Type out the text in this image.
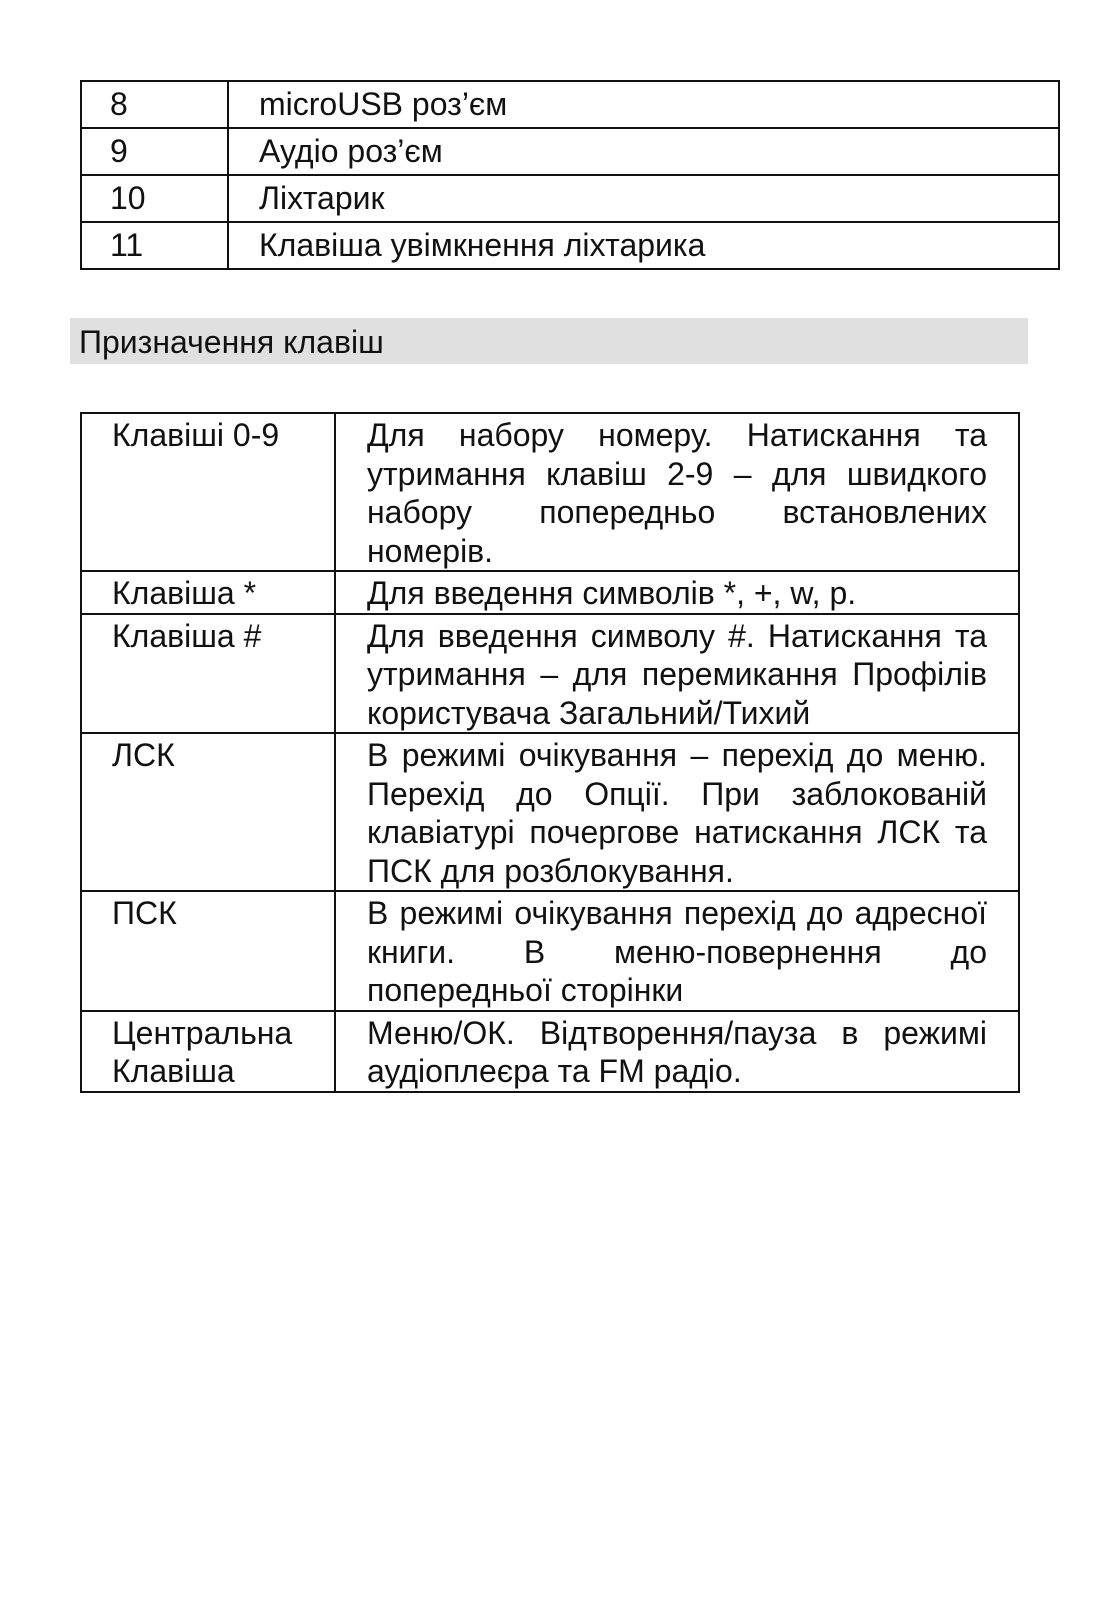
8	microUSB роз’єм
9	Аудіо роз’єм
10	Ліхтарик
11	Клавіша увімкнення ліхтарика
Призначення клавіш
Клавіші 0-9	Для набору номеру. Натискання та утримання клавіш 2-9 – для швидкого набору попередньо встановлених номерів.
Клавіша *	Для введення символів *, +, w, p.
Клавіша #	Для введення символу #. Натискання та утримання – для перемикання Профілів користувача Загальний/Тихий
ЛСК	В режимі очікування – перехід до меню. Перехід до Опції. При заблокованій клавіатурі почергове натискання ЛСК та ПСК для розблокування.
ПСК	В режимі очікування перехід до адресної книги. В меню-повернення до попередньої сторінки
Центральна Клавіша	Меню/ОК. Відтворення/пауза в режимі аудіоплеєра та FM радіо.
